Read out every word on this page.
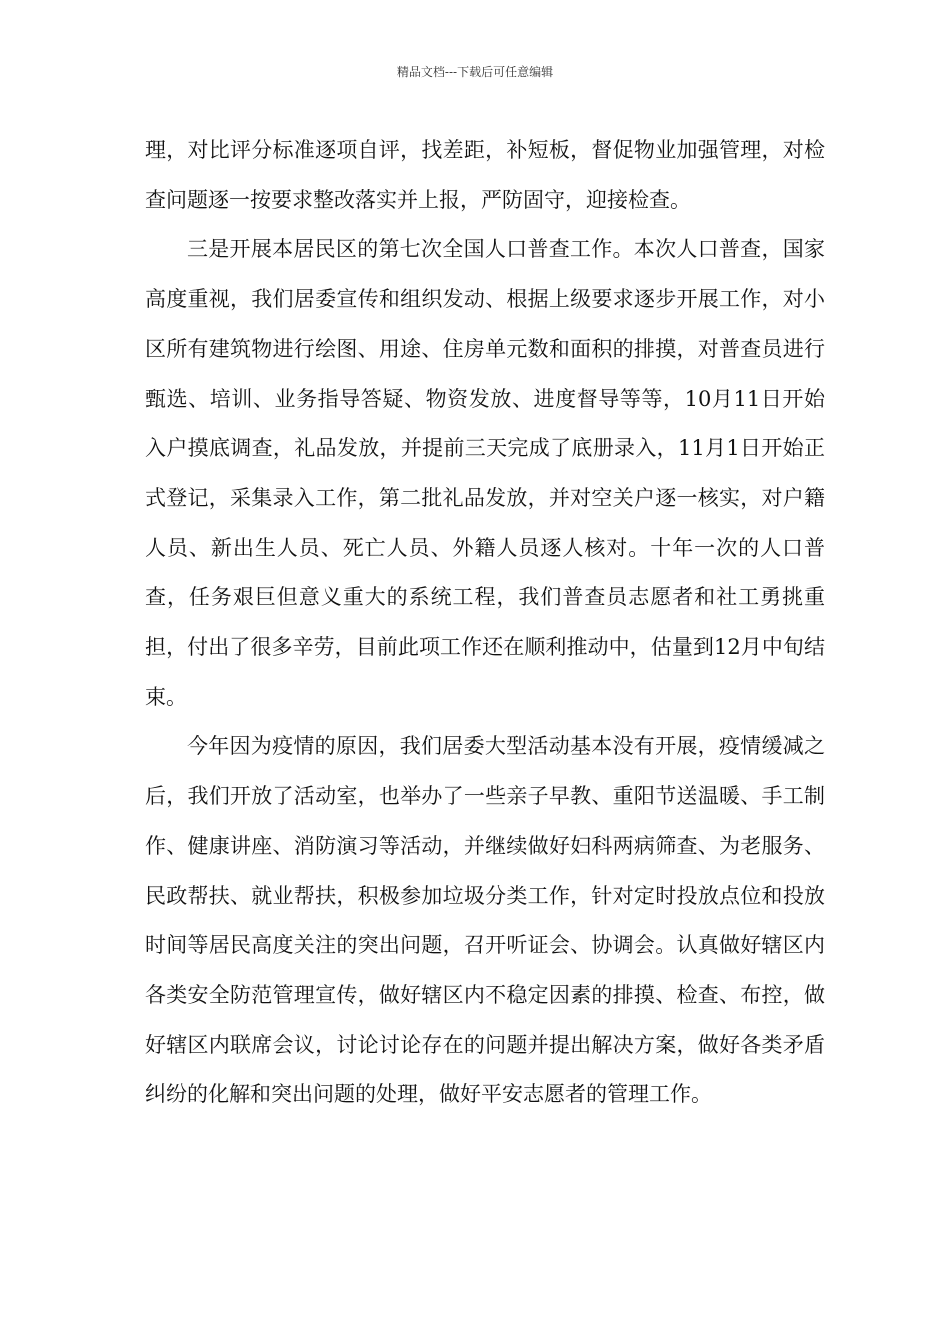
精品文档---下载后可任意编辑

理，对比评分标准逐项自评，找差距，补短板，督促物业加强管理，对检查问题逐一按要求整改落实并上报，严防固守，迎接检查。

三是开展本居民区的第七次全国人口普查工作。本次人口普查，国家高度重视，我们居委宣传和组织发动、根据上级要求逐步开展工作，对小区所有建筑物进行绘图、用途、住房单元数和面积的排摸，对普查员进行甄选、培训、业务指导答疑、物资发放、进度督导等等，10月11日开始入户摸底调查，礼品发放，并提前三天完成了底册录入，11月1日开始正式登记，采集录入工作，第二批礼品发放，并对空关户逐一核实，对户籍人员、新出生人员、死亡人员、外籍人员逐人核对。十年一次的人口普查，任务艰巨但意义重大的系统工程，我们普查员志愿者和社工勇挑重担，付出了很多辛劳，目前此项工作还在顺利推动中，估量到12月中旬结束。

今年因为疫情的原因，我们居委大型活动基本没有开展，疫情缓减之后，我们开放了活动室，也举办了一些亲子早教、重阳节送温暖、手工制作、健康讲座、消防演习等活动，并继续做好妇科两病筛查、为老服务、民政帮扶、就业帮扶，积极参加垃圾分类工作，针对定时投放点位和投放时间等居民高度关注的突出问题，召开听证会、协调会。认真做好辖区内各类安全防范管理宣传，做好辖区内不稳定因素的排摸、检查、布控，做好辖区内联席会议，讨论讨论存在的问题并提出解决方案，做好各类矛盾纠纷的化解和突出问题的处理，做好平安志愿者的管理工作。
